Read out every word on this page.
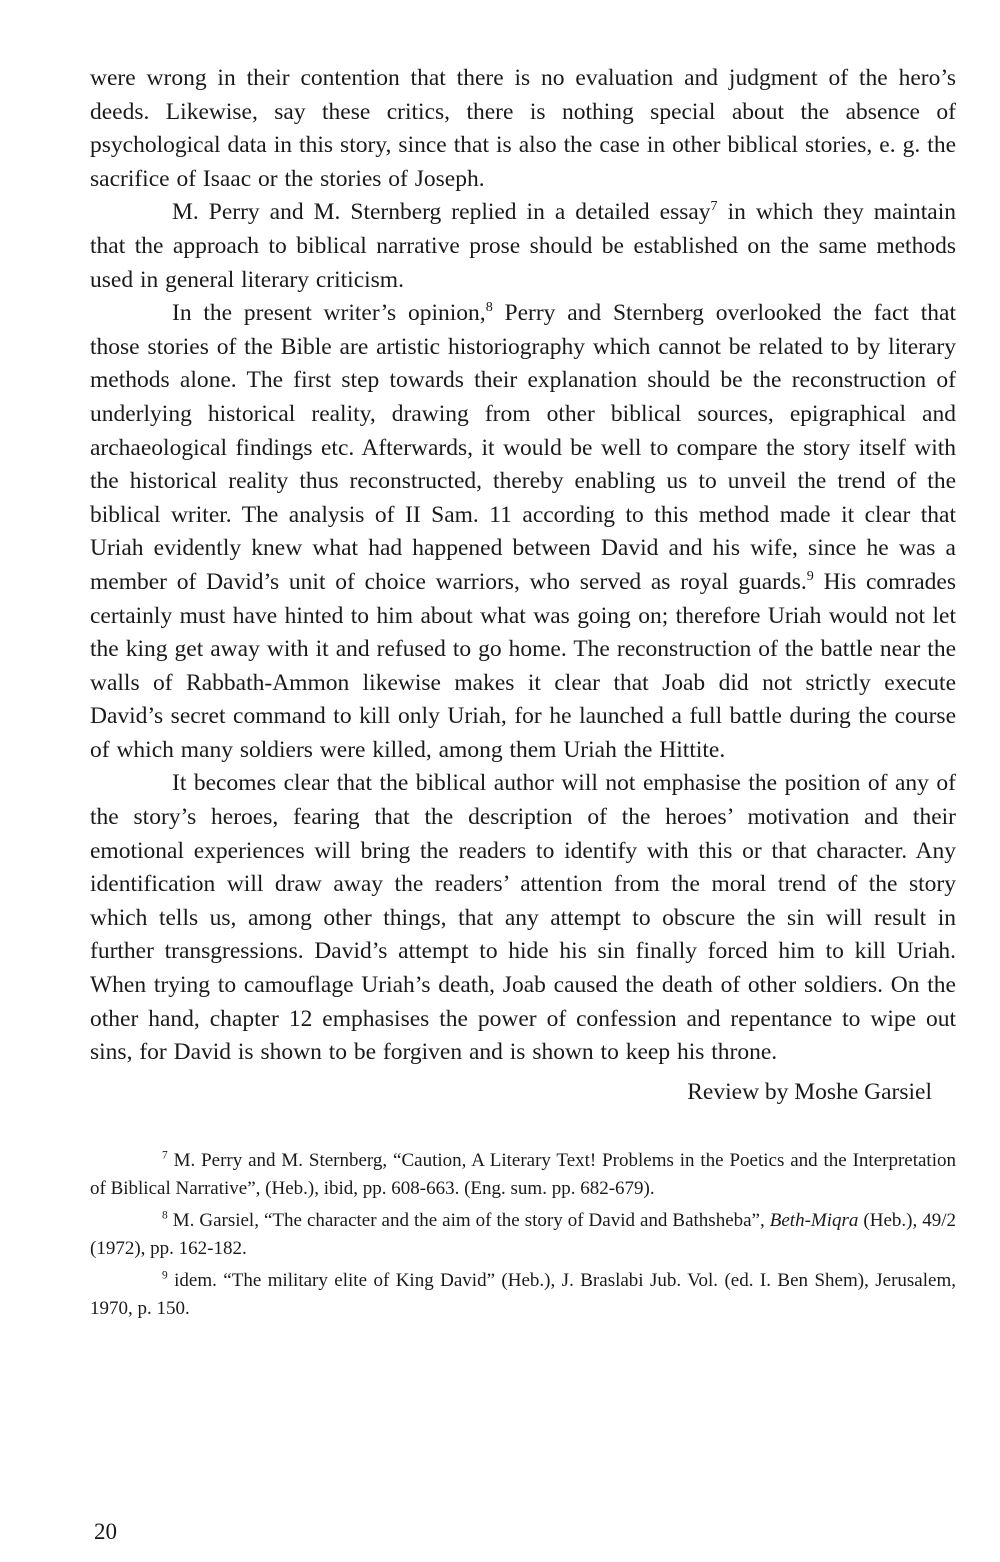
were wrong in their contention that there is no evaluation and judgment of the hero’s deeds. Likewise, say these critics, there is nothing special about the absence of psychological data in this story, since that is also the case in other biblical stories, e. g. the sacrifice of Isaac or the stories of Joseph.

M. Perry and M. Sternberg replied in a detailed essay$^7$ in which they maintain that the approach to biblical narrative prose should be established on the same methods used in general literary criticism.

In the present writer’s opinion,$^8$ Perry and Sternberg overlooked the fact that those stories of the Bible are artistic historiography which cannot be related to by literary methods alone. The first step towards their explanation should be the reconstruction of underlying historical reality, drawing from other biblical sources, epigraphical and archaeological findings etc. Afterwards, it would be well to compare the story itself with the historical reality thus reconstructed, thereby enabling us to unveil the trend of the biblical writer. The analysis of II Sam. 11 according to this method made it clear that Uriah evidently knew what had happened between David and his wife, since he was a member of David’s unit of choice warriors, who served as royal guards.$^9$ His comrades certainly must have hinted to him about what was going on; therefore Uriah would not let the king get away with it and refused to go home. The reconstruction of the battle near the walls of Rabbath-Ammon likewise makes it clear that Joab did not strictly execute David’s secret command to kill only Uriah, for he launched a full battle during the course of which many soldiers were killed, among them Uriah the Hittite.

It becomes clear that the biblical author will not emphasise the position of any of the story’s heroes, fearing that the description of the heroes’ motivation and their emotional experiences will bring the readers to identify with this or that character. Any identification will draw away the readers’ attention from the moral trend of the story which tells us, among other things, that any attempt to obscure the sin will result in further transgressions. David’s attempt to hide his sin finally forced him to kill Uriah. When trying to camouflage Uriah’s death, Joab caused the death of other soldiers. On the other hand, chapter 12 emphasises the power of confession and repentance to wipe out sins, for David is shown to be forgiven and is shown to keep his throne.

Review by Moshe Garsiel

$^7$ M. Perry and M. Sternberg, “Caution, A Literary Text! Problems in the Poetics and the Interpretation of Biblical Narrative”, (Heb.), ibid, pp. 608-663. (Eng. sum. pp. 682-679).

$^8$ M. Garsiel, “The character and the aim of the story of David and Bathsheba”, Beth-Miqra (Heb.), 49/2 (1972), pp. 162-182.

$^9$ idem. “The military elite of King David” (Heb.), J. Braslabi Jub. Vol. (ed. I. Ben Shem), Jerusalem, 1970, p. 150.

20
